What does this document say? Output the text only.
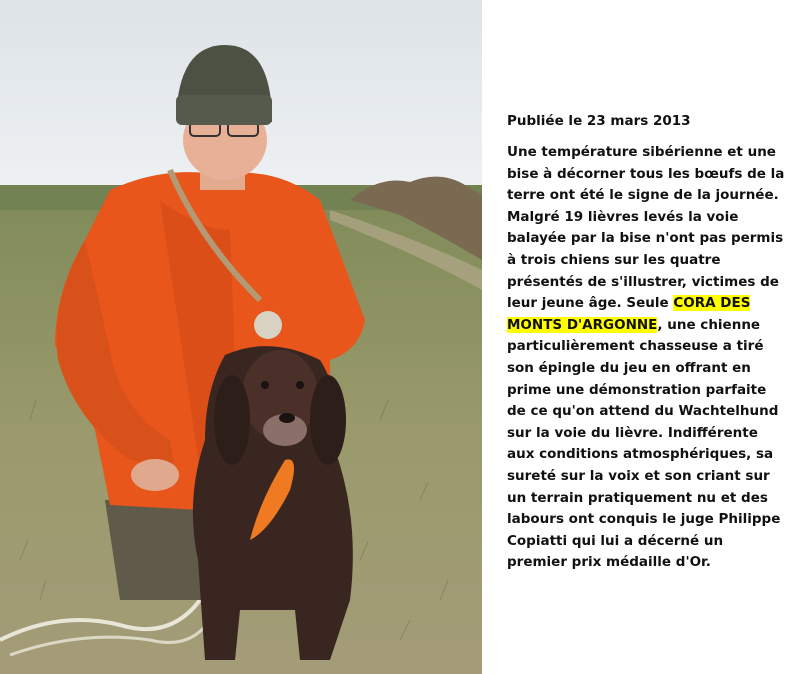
Publiée le 23 mars 2013

Une température sibérienne et une bise à décorner tous les bœufs de la terre ont été le signe de la journée. Malgré 19 lièvres levés la voie balayée par la bise n'ont pas permis à trois chiens sur les quatre présentés de s'illustrer, victimes de leur jeune âge. Seule CORA DES MONTS D'ARGONNE, une chienne particulièrement chasseuse a tiré son épingle du jeu en offrant en prime une démonstration parfaite de ce qu'on attend du Wachtelhund sur la voie du lièvre. Indifférente aux conditions atmosphériques, sa sureté sur la voix et son criant sur un terrain pratiquement nu et des labours ont conquis le juge Philippe Copiatti qui lui a décerné un premier prix médaille d'Or.
